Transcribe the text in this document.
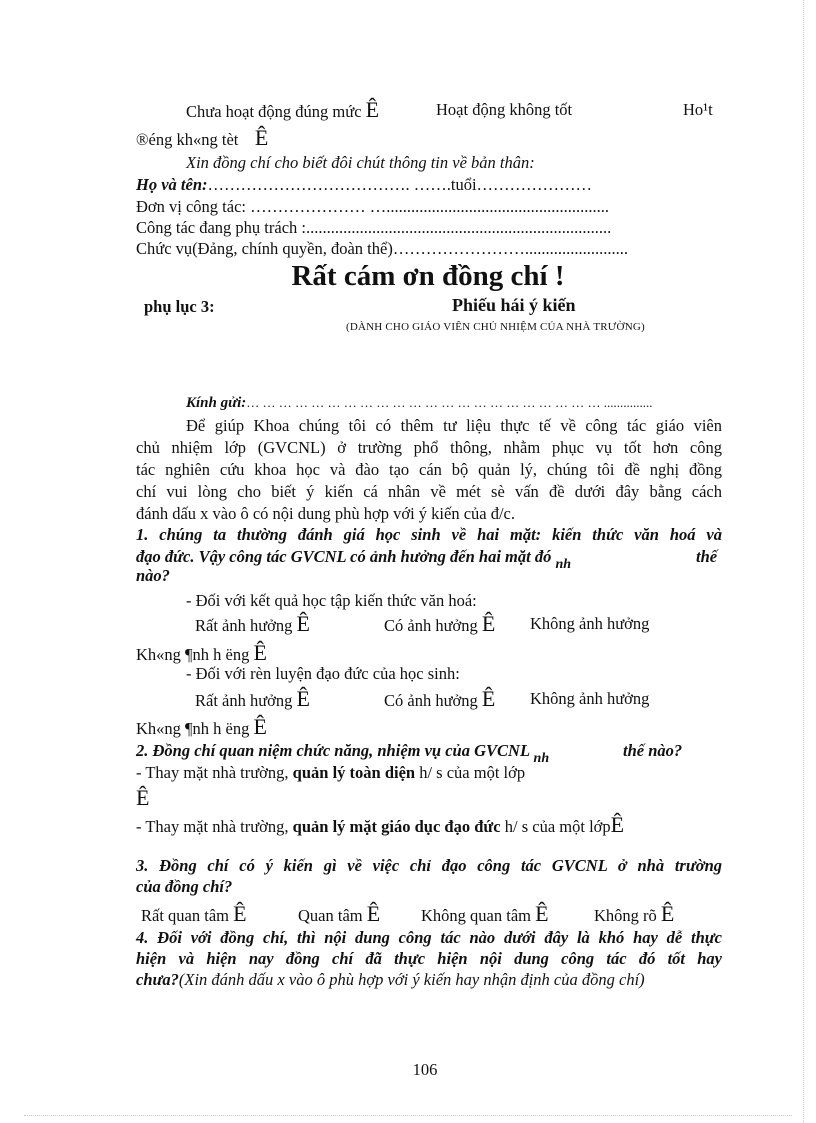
Chưa hoạt động đúng mức Ê	Hoạt động không tốt	Ho¹t
®éng kh«ng tèt Ê
Xin đồng chí cho biết đôi chút thông tin về bản thân:
Họ và tên:………………………………. …….tuổi…………………
Đơn vị công tác: ………………… …......................................................
Công tác đang phụ trách :..........................................................................
Chức vụ(Đảng, chính quyền, đoàn thể)…………………….........................
Rất cám ơn đồng chí !
phụ lục 3:	Phiếu hái ý kiến
(DÀNH CHO GIÁO VIÊN CHỦ NHIỆM CỦA NHÀ TRƯỜNG)
Kính gửi:… … … … … … … … … … … … … … … … … … … … … … ...............
Để giúp Khoa chúng tôi có thêm tư liệu thực tế về công tác giáo viên
chủ nhiệm lớp (GVCNL) ở trường phổ thông, nhằm phục vụ tốt hơn công
tác nghiên cứu khoa học và đào tạo cán bộ quản lý, chúng tôi đề nghị đồng
chí vui lòng cho biết ý kiến cá nhân về mét sè vấn đề dưới đây bằng cách
đánh dấu x vào ô có nội dung phù hợp với ý kiến của đ/c.
1. chúng ta thường đánh giá học sinh về hai mặt: kiến thức văn hoá và
đạo đức. Vậy công tác GVCNL có ảnh hưởng đến hai mặt đó $_{nh}$	thế
nào?
- Đối với kết quả học tập kiến thức văn hoá:
Rất ảnh hưởng Ê	Có ảnh hưởng Ê Không ảnh hưởng
Kh«ng ¶nh h ëng Ê
- Đối với rèn luyện đạo đức của học sinh:
Rất ảnh hưởng Ê	Có ảnh hưởng Ê Không ảnh hưởng
Kh«ng ¶nh h ëng Ê
2. Đồng chí quan niệm chức năng, nhiệm vụ của GVCNL $_{nh}$	thế nào?
- Thay mặt nhà trường, quản lý toàn diện h/ s của một lớp
Ê
- Thay mặt nhà trường, quản lý mặt giáo dục đạo đức h/ s của một lớpÊ
3. Đồng chí có ý kiến gì về việc chỉ đạo công tác GVCNL ở nhà trường
của đồng chí?
Rất quan tâm Ê	Quan tâm Ê Không quan tâm Ê	Không rõ Ê
4. Đối với đồng chí, thì nội dung công tác nào dưới đây là khó hay dễ thực
hiện và hiện nay đồng chí đã thực hiện nội dung công tác đó tốt hay
chưa?(Xin đánh dấu x vào ô phù hợp với ý kiến hay nhận định của đồng chí)
106
